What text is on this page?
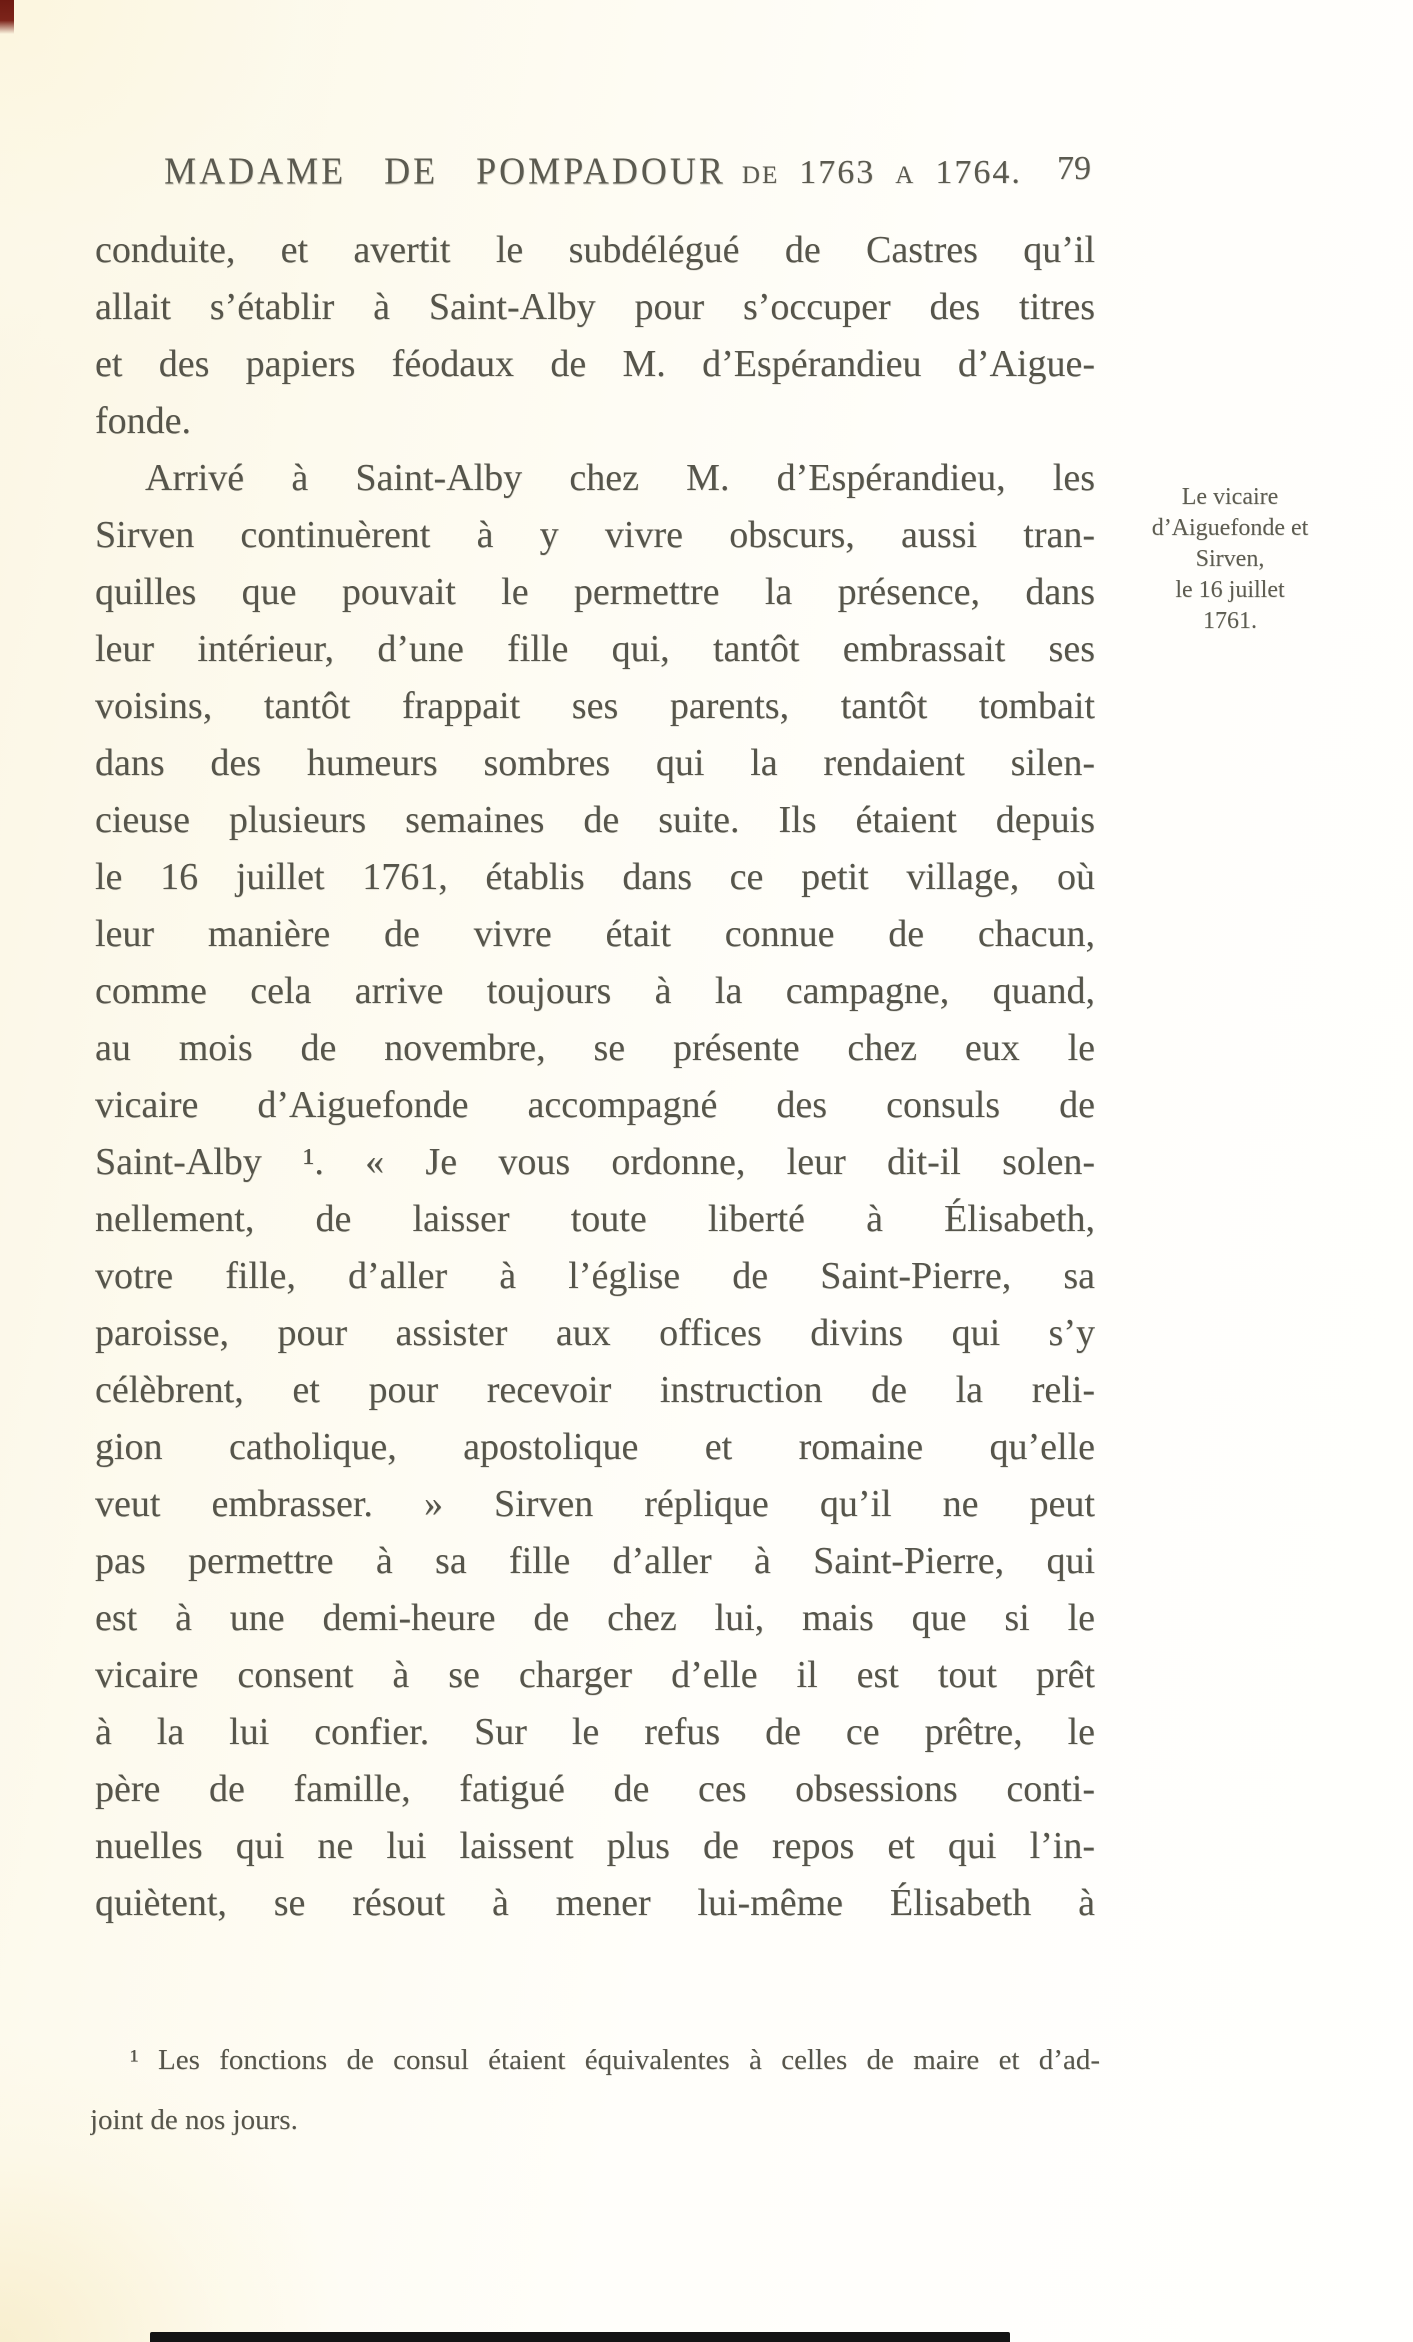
MADAME DE POMPADOUR DE 1763 A 1764. 79
conduite, et avertit le subdélégué de Castres qu’il
allait s’établir à Saint-Alby pour s’occuper des titres
et des papiers féodaux de M. d’Espérandieu d’Aigue-
fonde.
Arrivé à Saint-Alby chez M. d’Espérandieu, les
Sirven continuèrent à y vivre obscurs, aussi tran-
quilles que pouvait le permettre la présence, dans
leur intérieur, d’une fille qui, tantôt embrassait ses
voisins, tantôt frappait ses parents, tantôt tombait
dans des humeurs sombres qui la rendaient silen-
cieuse plusieurs semaines de suite. Ils étaient depuis
le 16 juillet 1761, établis dans ce petit village, où
leur manière de vivre était connue de chacun,
comme cela arrive toujours à la campagne, quand,
au mois de novembre, se présente chez eux le
vicaire d’Aiguefonde accompagné des consuls de
Saint-Alby ¹. « Je vous ordonne, leur dit-il solen-
nellement, de laisser toute liberté à Élisabeth,
votre fille, d’aller à l’église de Saint-Pierre, sa
paroisse, pour assister aux offices divins qui s’y
célèbrent, et pour recevoir instruction de la reli-
gion catholique, apostolique et romaine qu’elle
veut embrasser. » Sirven réplique qu’il ne peut
pas permettre à sa fille d’aller à Saint-Pierre, qui
est à une demi-heure de chez lui, mais que si le
vicaire consent à se charger d’elle il est tout prêt
à la lui confier. Sur le refus de ce prêtre, le
père de famille, fatigué de ces obsessions conti-
nuelles qui ne lui laissent plus de repos et qui l’in-
quiètent, se résout à mener lui-même Élisabeth à
Le vicaire
d’Aiguefonde et
Sirven,
le 16 juillet
1761.
¹ Les fonctions de consul étaient équivalentes à celles de maire et d’ad-
joint de nos jours.
